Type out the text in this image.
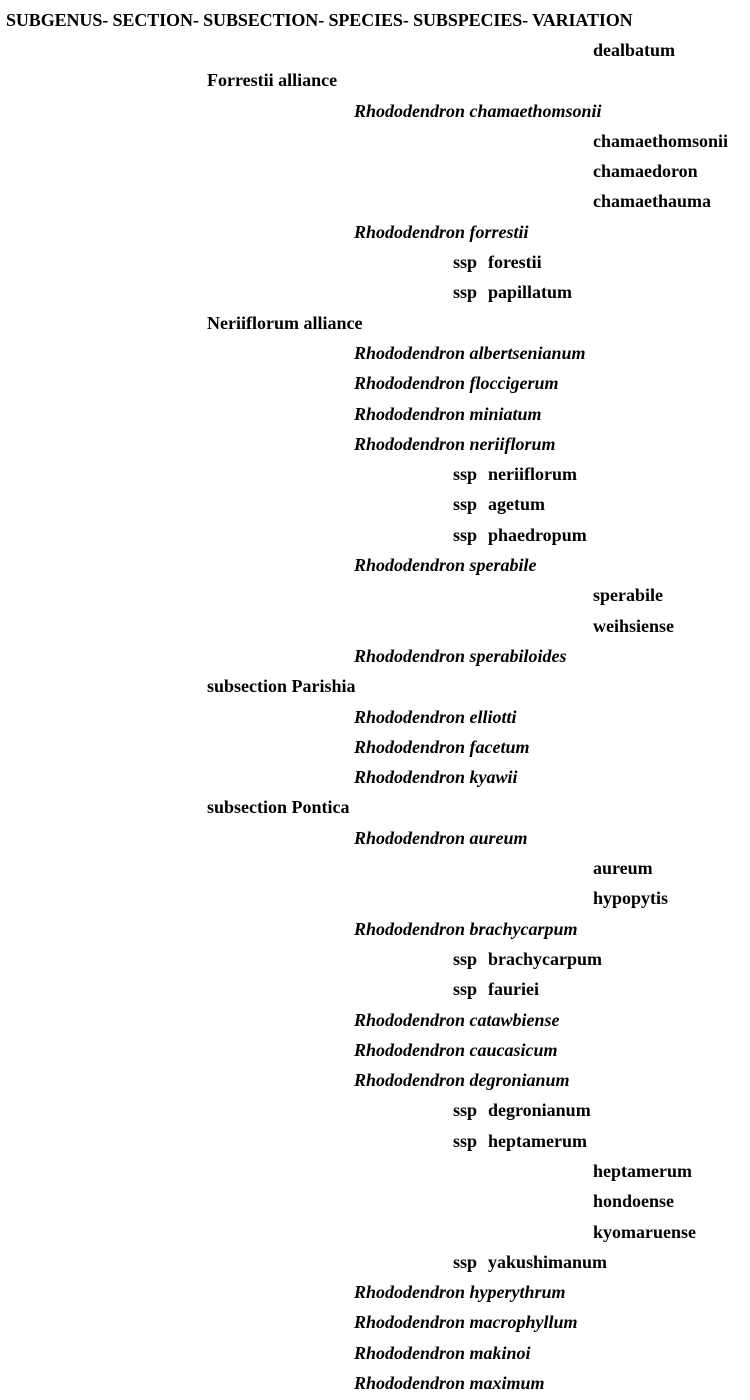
SUBGENUS- SECTION- SUBSECTION- SPECIES- SUBSPECIES- VARIATION
dealbatum
Forrestii alliance
Rhododendron chamaethomsonii
chamaethomsonii
chamaedoron
chamaethauma
Rhododendron forrestii
ssp forestii
ssp papillatum
Neriiflorum alliance
Rhododendron albertsenianum
Rhododendron floccigerum
Rhododendron miniatum
Rhododendron neriiflorum
ssp neriiflorum
ssp agetum
ssp phaedropum
Rhododendron sperabile
sperabile
weihsiense
Rhododendron sperabiloides
subsection Parishia
Rhododendron elliotti
Rhododendron facetum
Rhododendron kyawii
subsection Pontica
Rhododendron aureum
aureum
hypopytis
Rhododendron brachycarpum
ssp brachycarpum
ssp fauriei
Rhododendron catawbiense
Rhododendron caucasicum
Rhododendron degronianum
ssp degronianum
ssp heptamerum
heptamerum
hondoense
kyomaruense
ssp yakushimanum
Rhododendron hyperythrum
Rhododendron macrophyllum
Rhododendron makinoi
Rhododendron maximum
